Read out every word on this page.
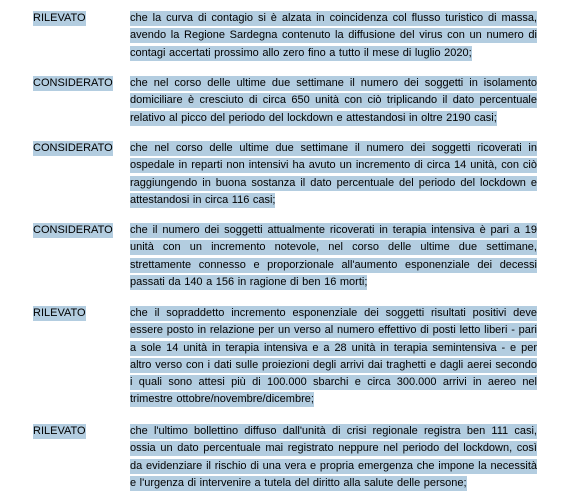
RILEVATO	che la curva di contagio si è alzata in coincidenza col flusso turistico di massa, avendo la Regione Sardegna contenuto la diffusione del virus con un numero di contagi accertati prossimo allo zero fino a tutto il mese di luglio 2020;
CONSIDERATO che nel corso delle ultime due settimane il numero dei soggetti in isolamento domiciliare è cresciuto di circa 650 unità con ciò triplicando il dato percentuale relativo al picco del periodo del lockdown e attestandosi in oltre 2190 casi;
CONSIDERATO che nel corso delle ultime due settimane il numero dei soggetti ricoverati in ospedale in reparti non intensivi ha avuto un incremento di circa 14 unità, con ciò raggiungendo in buona sostanza il dato percentuale del periodo del lockdown e attestandosi in circa 116 casi;
CONSIDERATO che il numero dei soggetti attualmente ricoverati in terapia intensiva è pari a 19 unità con un incremento notevole, nel corso delle ultime due settimane, strettamente connesso e proporzionale all'aumento esponenziale dei decessi passati da 140 a 156 in ragione di ben 16 morti;
RILEVATO	che il sopraddetto incremento esponenziale dei soggetti risultati positivi deve essere posto in relazione per un verso al numero effettivo di posti letto liberi - pari a sole 14 unità in terapia intensiva e a 28 unità in terapia semintensiva - e per altro verso con i dati sulle proiezioni degli arrivi dai traghetti e dagli aerei secondo i quali sono attesi più di 100.000 sbarchi e circa 300.000 arrivi in aereo nel trimestre ottobre/novembre/dicembre;
RILEVATO	che l'ultimo bollettino diffuso dall'unità di crisi regionale registra ben 111 casi, ossia un dato percentuale mai registrato neppure nel periodo del lockdown, così da evidenziare il rischio di una vera e propria emergenza che impone la necessità e l'urgenza di intervenire a tutela del diritto alla salute delle persone;
